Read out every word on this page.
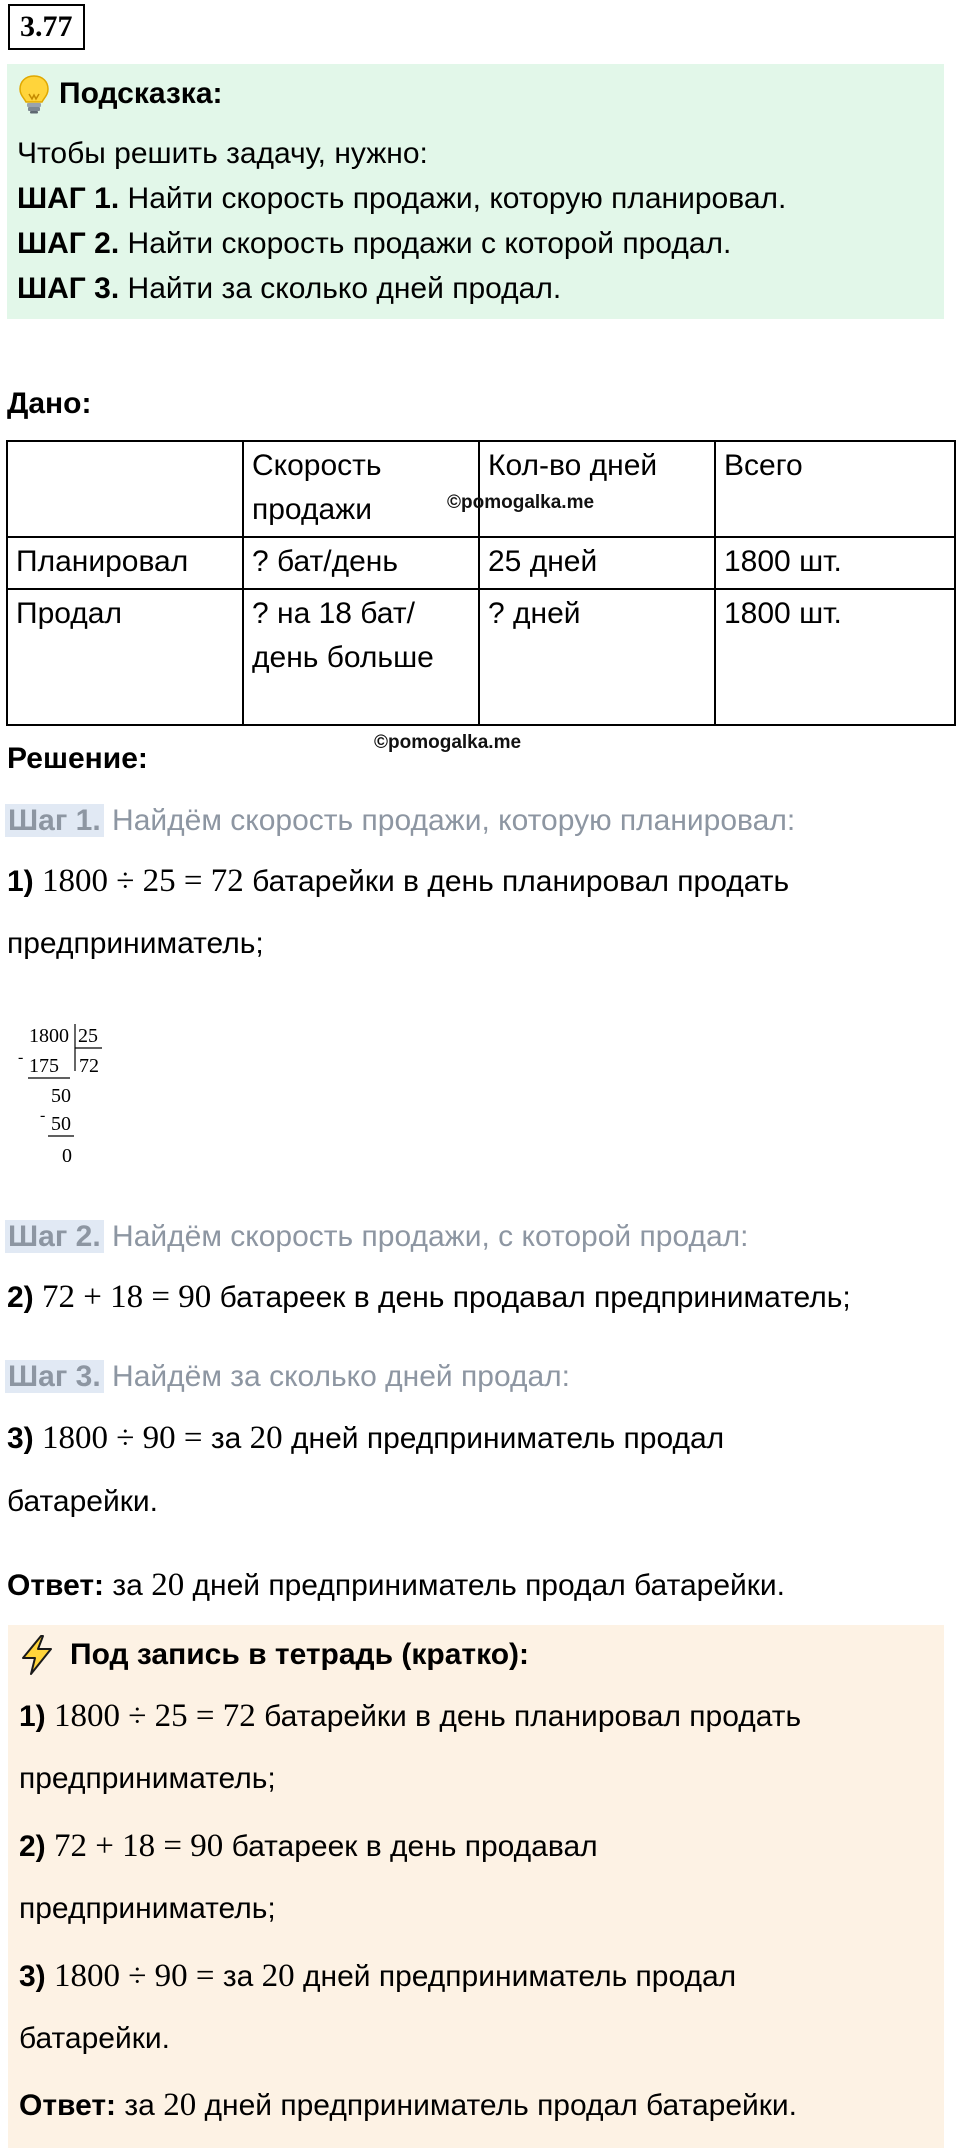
3.77
Подсказка:
Чтобы решить задачу, нужно:
ШАГ 1. Найти скорость продажи, которую планировал.
ШАГ 2. Найти скорость продажи с которой продал.
ШАГ 3. Найти за сколько дней продал.
Дано:
	Скорость продажи	Кол-во дней	Всего
Планировал	? бат/день	25 дней	1800 шт.
Продал	? на 18 бат/день больше	? дней	1800 шт.
©pomogalka.me
©pomogalka.me
Решение:
Шаг 1. Найдём скорость продажи, которую планировал:
1) 1800 ÷ 25 = 72 батарейки в день планировал продать
предприниматель;
1800 25
- 175 72
50
- 50
0
Шаг 2. Найдём скорость продажи, с которой продал:
2) 72 + 18 = 90 батареек в день продавал предприниматель;
Шаг 3. Найдём за сколько дней продал:
3) 1800 ÷ 90 = за 20 дней предприниматель продал
батарейки.
Ответ: за 20 дней предприниматель продал батарейки.
Под запись в тетрадь (кратко):
1) 1800 ÷ 25 = 72 батарейки в день планировал продать
предприниматель;
2) 72 + 18 = 90 батареек в день продавал
предприниматель;
3) 1800 ÷ 90 = за 20 дней предприниматель продал
батарейки.
Ответ: за 20 дней предприниматель продал батарейки.
